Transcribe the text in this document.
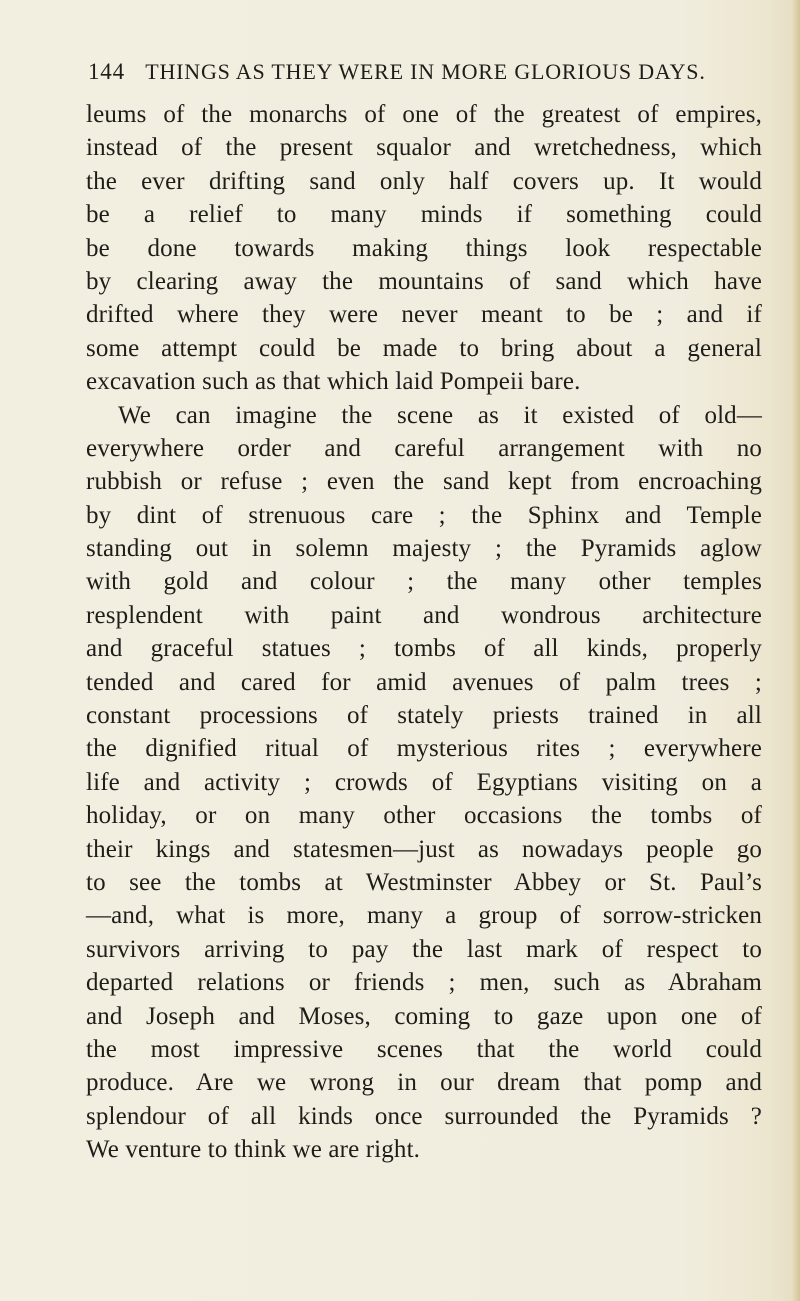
144 THINGS AS THEY WERE IN MORE GLORIOUS DAYS.
leums of the monarchs of one of the greatest of empires,
instead of the present squalor and wretchedness, which
the ever drifting sand only half covers up. It would
be a relief to many minds if something could
be done towards making things look respectable
by clearing away the mountains of sand which have
drifted where they were never meant to be ; and if
some attempt could be made to bring about a general
excavation such as that which laid Pompeii bare.
We can imagine the scene as it existed of old—
everywhere order and careful arrangement with no
rubbish or refuse ; even the sand kept from encroaching
by dint of strenuous care ; the Sphinx and Temple
standing out in solemn majesty ; the Pyramids aglow
with gold and colour ; the many other temples
resplendent with paint and wondrous architecture
and graceful statues ; tombs of all kinds, properly
tended and cared for amid avenues of palm trees ;
constant processions of stately priests trained in all
the dignified ritual of mysterious rites ; everywhere
life and activity ; crowds of Egyptians visiting on a
holiday, or on many other occasions the tombs of
their kings and statesmen—just as nowadays people go
to see the tombs at Westminster Abbey or St. Paul’s
—and, what is more, many a group of sorrow-stricken
survivors arriving to pay the last mark of respect to
departed relations or friends ; men, such as Abraham
and Joseph and Moses, coming to gaze upon one of
the most impressive scenes that the world could
produce. Are we wrong in our dream that pomp and
splendour of all kinds once surrounded the Pyramids ?
We venture to think we are right.
